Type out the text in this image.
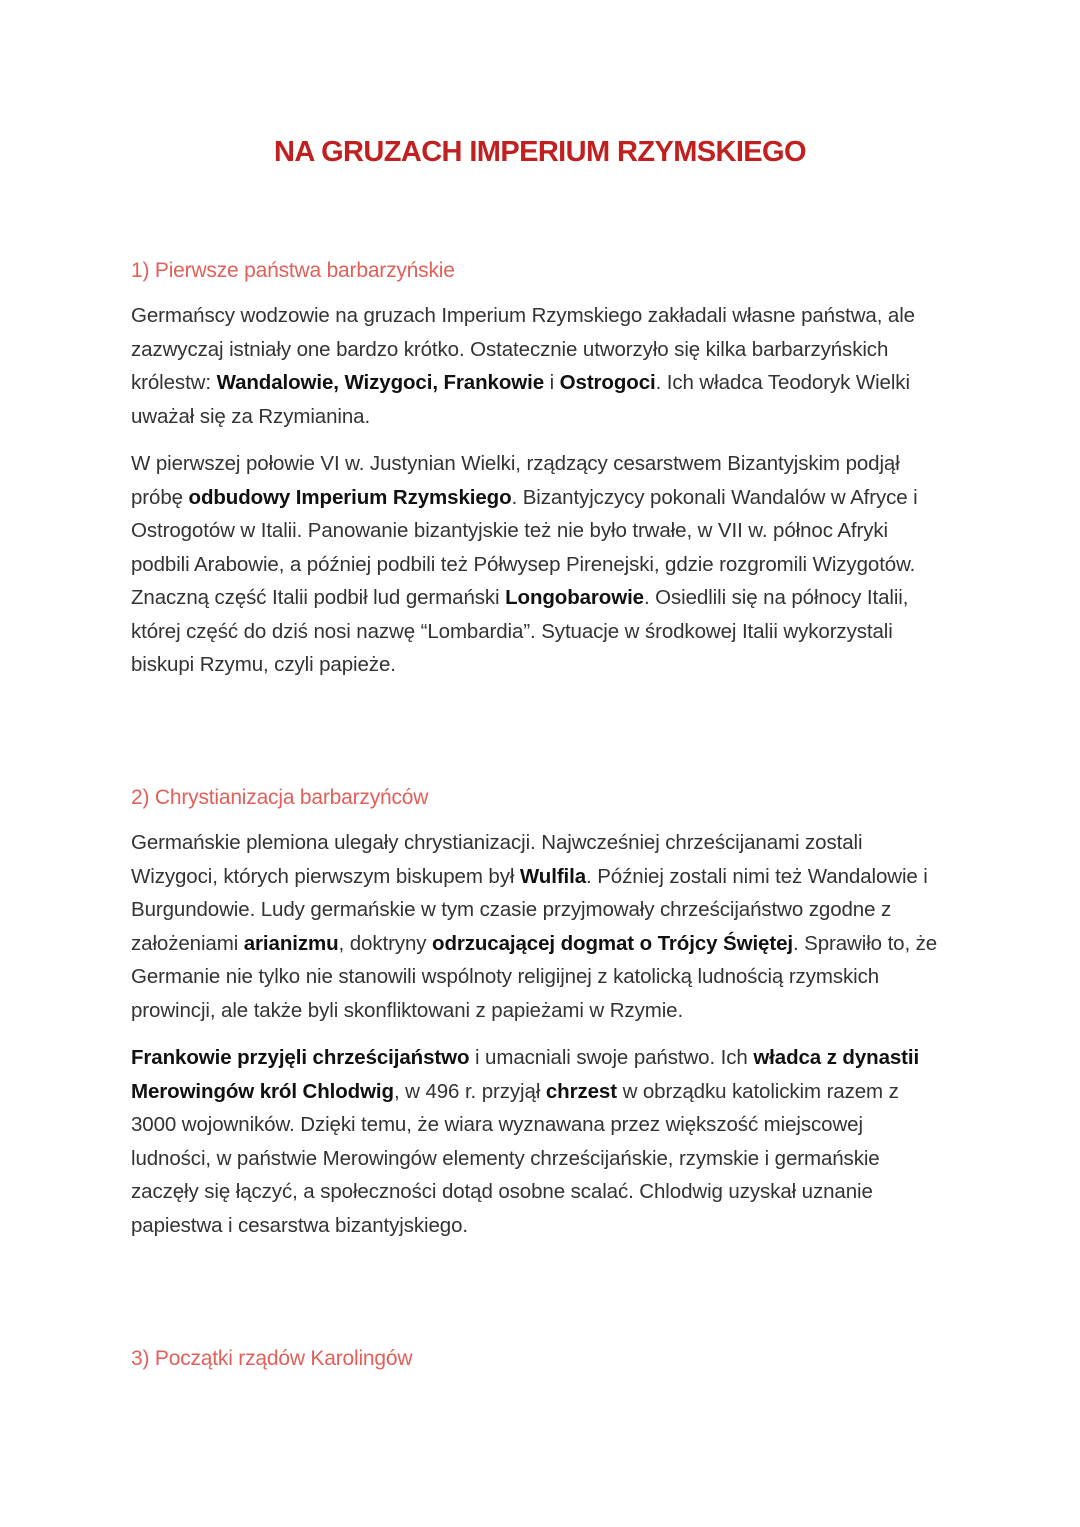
NA GRUZACH IMPERIUM RZYMSKIEGO
1) Pierwsze państwa barbarzyńskie

Germańscy wodzowie na gruzach Imperium Rzymskiego zakładali własne państwa, ale zazwyczaj istniały one bardzo krótko. Ostatecznie utworzyło się kilka barbarzyńskich królestw: Wandalowie, Wizygoci, Frankowie i Ostrogoci. Ich władca Teodoryk Wielki uważał się za Rzymianina.

W pierwszej połowie VI w. Justynian Wielki, rządzący cesarstwem Bizantyjskim podjął próbę odbudowy Imperium Rzymskiego. Bizantyjczycy pokonali Wandalów w Afryce i Ostrogotów w Italii. Panowanie bizantyjskie też nie było trwałe, w VII w. północ Afryki podbili Arabowie, a później podbili też Półwysep Pirenejski, gdzie rozgromili Wizygotów. Znaczną część Italii podbił lud germański Longobarowie. Osiedlili się na północy Italii, której część do dziś nosi nazwę “Lombardia”. Sytuacje w środkowej Italii wykorzystali biskupi Rzymu, czyli papieże.

2) Chrystianizacja barbarzyńców

Germańskie plemiona ulegały chrystianizacji. Najwcześniej chrześcijanami zostali Wizygoci, których pierwszym biskupem był Wulfila. Później zostali nimi też Wandalowie i Burgundowie. Ludy germańskie w tym czasie przyjmowały chrześcijaństwo zgodne z założeniami arianizmu, doktryny odrzucającej dogmat o Trójcy Świętej. Sprawiło to, że Germanie nie tylko nie stanowili wspólnoty religijnej z katolicką ludnością rzymskich prowincji, ale także byli skonfliktowani z papieżami w Rzymie.

Frankowie przyjęli chrześcijaństwo i umacniali swoje państwo. Ich władca z dynastii Merowingów król Chlodwig, w 496 r. przyjął chrzest w obrządku katolickim razem z 3000 wojowników. Dzięki temu, że wiara wyznawana przez większość miejscowej ludności, w państwie Merowingów elementy chrześcijańskie, rzymskie i germańskie zaczęły się łączyć, a społeczności dotąd osobne scalać. Chlodwig uzyskał uznanie papiestwa i cesarstwa bizantyjskiego.

3) Początki rządów Karolingów
